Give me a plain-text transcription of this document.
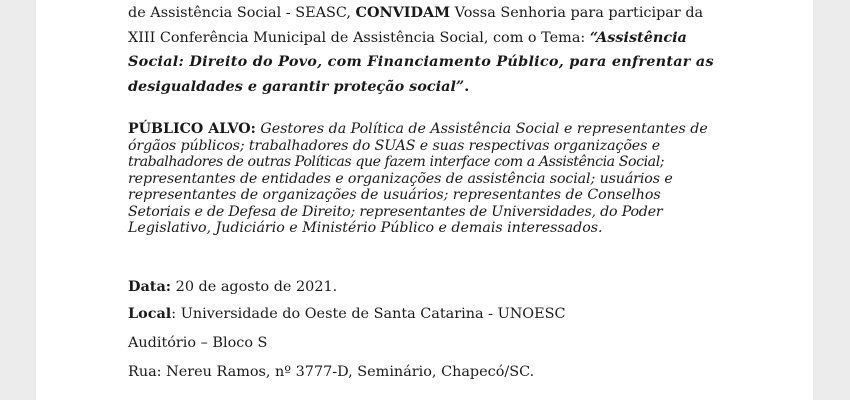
de Assistência Social - SEASC, CONVIDAM Vossa Senhoria para participar da
XIII Conferência Municipal de Assistência Social, com o Tema: “Assistência
Social: Direito do Povo, com Financiamento Público, para enfrentar as
desigualdades e garantir proteção social”.
PÚBLICO ALVO: Gestores da Política de Assistência Social e representantes de
órgãos públicos; trabalhadores do SUAS e suas respectivas organizações e
trabalhadores de outras Políticas que fazem interface com a Assistência Social;
representantes de entidades e organizações de assistência social; usuários e
representantes de organizações de usuários; representantes de Conselhos
Setoriais e de Defesa de Direito; representantes de Universidades, do Poder
Legislativo, Judiciário e Ministério Público e demais interessados.
Data: 20 de agosto de 2021.
Local: Universidade do Oeste de Santa Catarina - UNOESC
Auditório – Bloco S
Rua: Nereu Ramos, nº 3777-D, Seminário, Chapecó/SC.
